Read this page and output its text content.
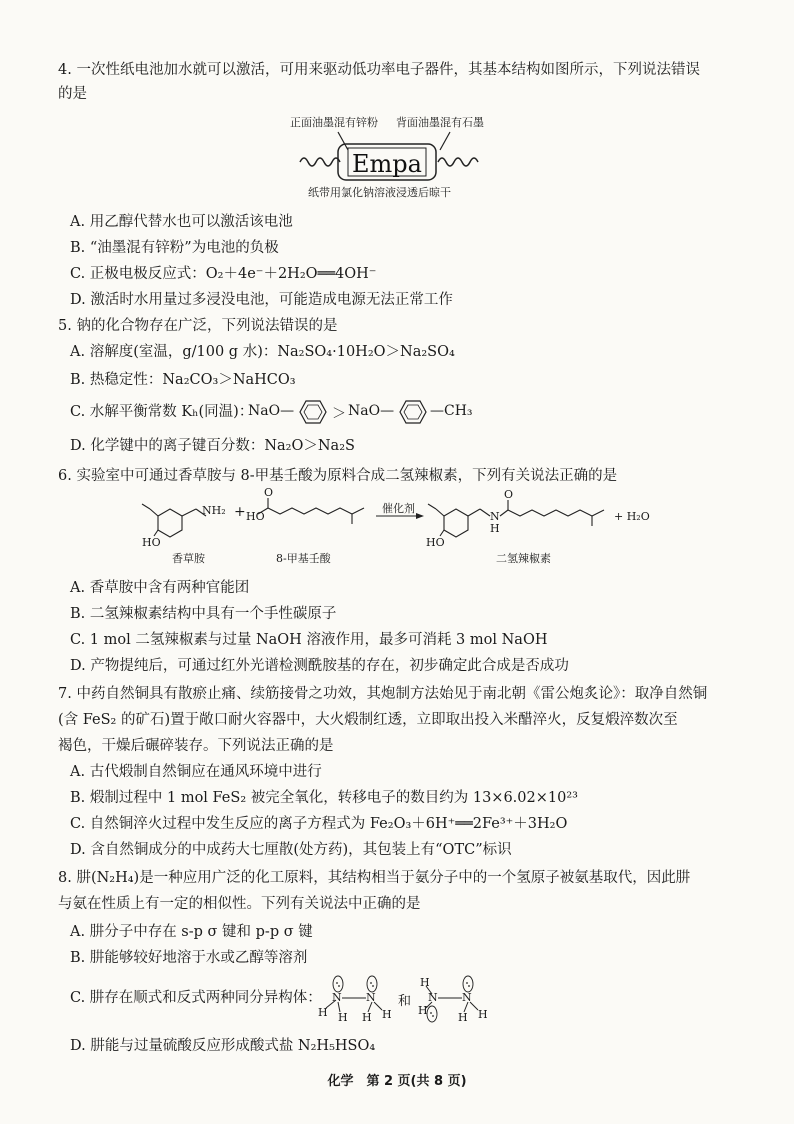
4. 一次性纸电池加水就可以激活，可用来驱动低功率电子器件，其基本结构如图所示，下列说法错误
的是
正面油墨混有锌粉 背面油墨混有石墨
Empa
纸带用氯化钠溶液浸透后晾干
A. 用乙醇代替水也可以激活该电池
B. “油墨混有锌粉”为电池的负极
C. 正极电极反应式：O₂＋4e⁻＋2H₂O══4OH⁻
D. 激活时水用量过多浸没电池，可能造成电源无法正常工作
5. 钠的化合物存在广泛，下列说法错误的是
A. 溶解度(室温，g/100 g 水)：Na₂SO₄·10H₂O＞Na₂SO₄
B. 热稳定性：Na₂CO₃＞NaHCO₃
C. 水解平衡常数 Kₕ(同温)：
NaO—	＞ NaO—	—CH₃
D. 化学键中的离子键百分数：Na₂O＞Na₂S
6. 实验室中可通过香草胺与 8-甲基壬酸为原料合成二氢辣椒素，下列有关说法正确的是
NH₂
HO
+ HO
O
催化剂
HO
N
H
O
+ H₂O
香草胺	8-甲基壬酸	二氢辣椒素
A. 香草胺中含有两种官能团
B. 二氢辣椒素结构中具有一个手性碳原子
C. 1 mol 二氢辣椒素与过量 NaOH 溶液作用，最多可消耗 3 mol NaOH
D. 产物提纯后，可通过红外光谱检测酰胺基的存在，初步确定此合成是否成功
7. 中药自然铜具有散瘀止痛、续筋接骨之功效，其炮制方法始见于南北朝《雷公炮炙论》：取净自然铜
(含 FeS₂ 的矿石)置于敞口耐火容器中，大火煅制红透，立即取出投入米醋淬火，反复煅淬数次至
褐色，干燥后碾碎装存。下列说法正确的是
A. 古代煅制自然铜应在通风环境中进行
B. 煅制过程中 1 mol FeS₂ 被完全氧化，转移电子的数目约为 13×6.02×10²³
C. 自然铜淬火过程中发生反应的离子方程式为 Fe₂O₃＋6H⁺══2Fe³⁺＋3H₂O
D. 含自然铜成分的中成药大七厘散(处方药)，其包装上有“OTC”标识
8. 肼(N₂H₄)是一种应用广泛的化工原料，其结构相当于氨分子中的一个氢原子被氨基取代，因此肼
与氨在性质上有一定的相似性。下列有关说法中正确的是
A. 肼分子中存在 s-p σ 键和 p-p σ 键
B. 肼能够较好地溶于水或乙醇等溶剂
C. 肼存在顺式和反式两种同分异构体： N N
H H H H
和 N N
H
H
H H
D. 肼能与过量硫酸反应形成酸式盐 N₂H₅HSO₄
化学　第 2 页(共 8 页)
